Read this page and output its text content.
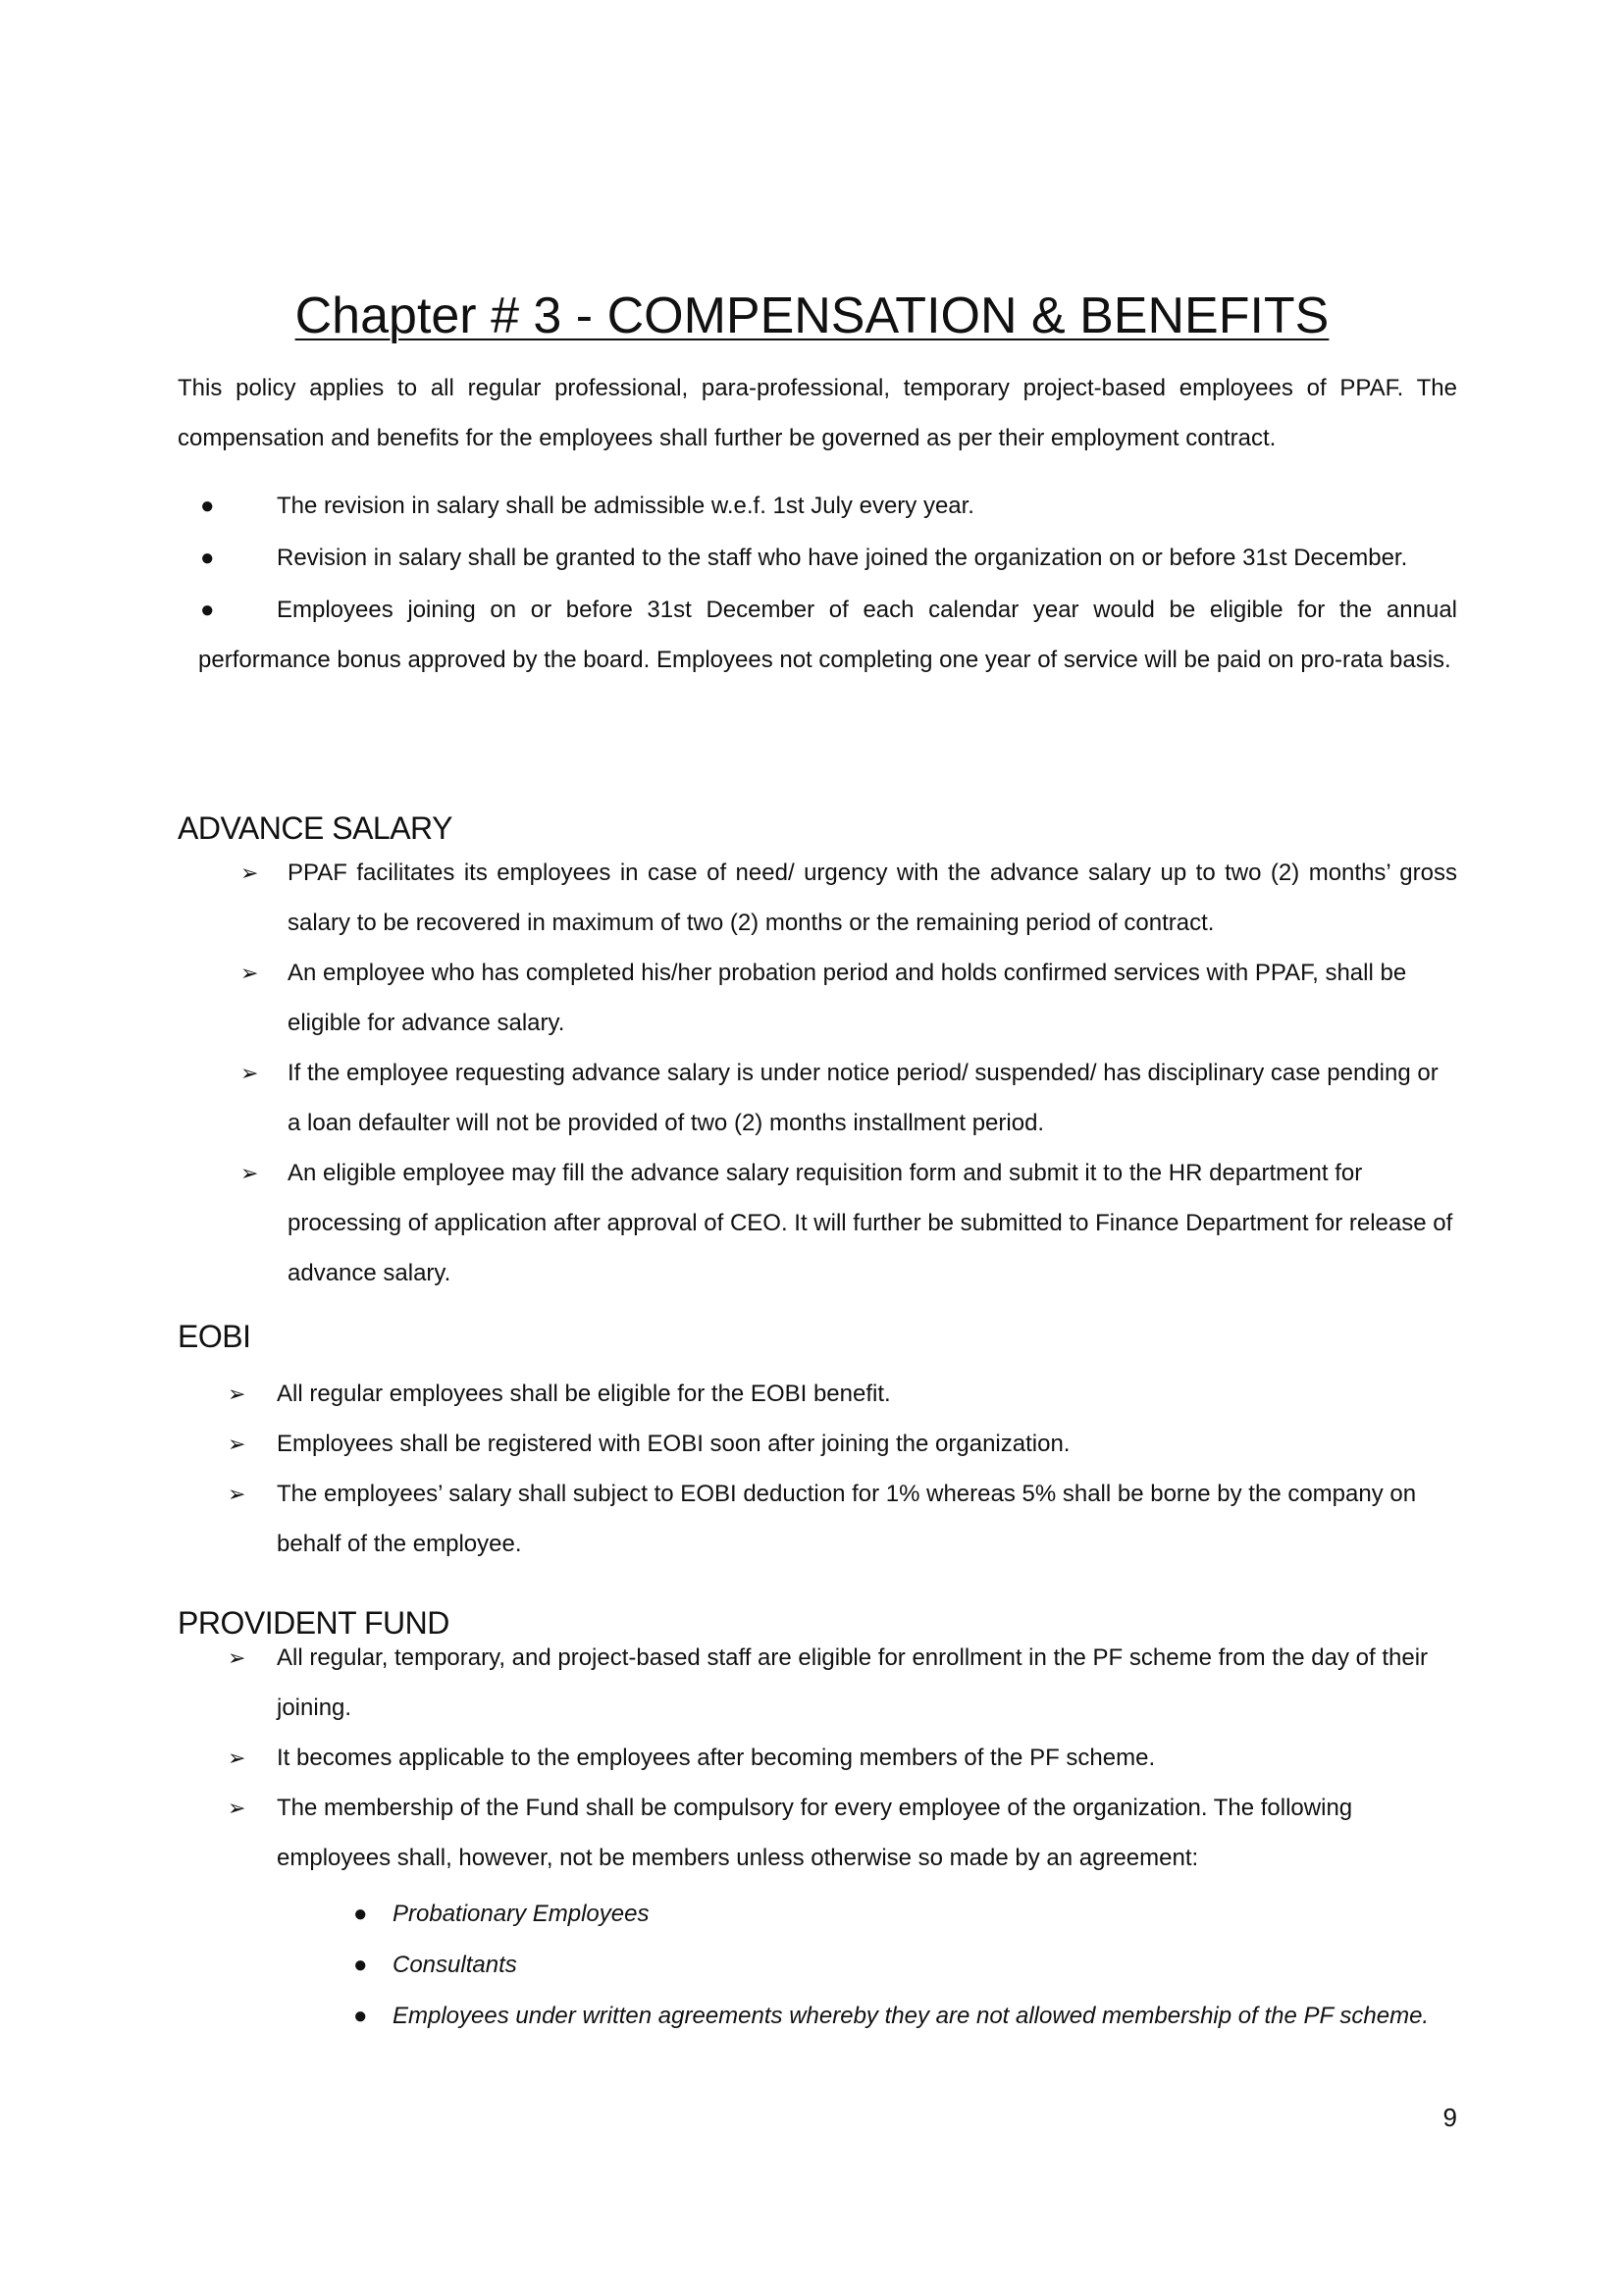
Chapter # 3 - COMPENSATION & BENEFITS

This policy applies to all regular professional, para-professional, temporary project-based employees of PPAF. The compensation and benefits for the employees shall further be governed as per their employment contract.

●	The revision in salary shall be admissible w.e.f. 1st July every year.
●	Revision in salary shall be granted to the staff who have joined the organization on or before 31st December.
●	Employees joining on or before 31st December of each calendar year would be eligible for the annual performance bonus approved by the board. Employees not completing one year of service will be paid on pro-rata basis.
ADVANCE SALARY
➢ PPAF facilitates its employees in case of need/ urgency with the advance salary up to two (2) months’ gross salary to be recovered in maximum of two (2) months or the remaining period of contract.
➢ An employee who has completed his/her probation period and holds confirmed services with PPAF, shall be eligible for advance salary.
➢ If the employee requesting advance salary is under notice period/ suspended/ has disciplinary case pending or a loan defaulter will not be provided of two (2) months installment period.
➢ An eligible employee may fill the advance salary requisition form and submit it to the HR department for processing of application after approval of CEO. It will further be submitted to Finance Department for release of advance salary.
EOBI
➢ All regular employees shall be eligible for the EOBI benefit.
➢ Employees shall be registered with EOBI soon after joining the organization.
➢ The employees’ salary shall subject to EOBI deduction for 1% whereas 5% shall be borne by the company on behalf of the employee.
PROVIDENT FUND
➢ All regular, temporary, and project-based staff are eligible for enrollment in the PF scheme from the day of their joining.
➢ It becomes applicable to the employees after becoming members of the PF scheme.
➢ The membership of the Fund shall be compulsory for every employee of the organization. The following employees shall, however, not be members unless otherwise so made by an agreement:
● Probationary Employees
● Consultants
● Employees under written agreements whereby they are not allowed membership of the PF scheme.
9
